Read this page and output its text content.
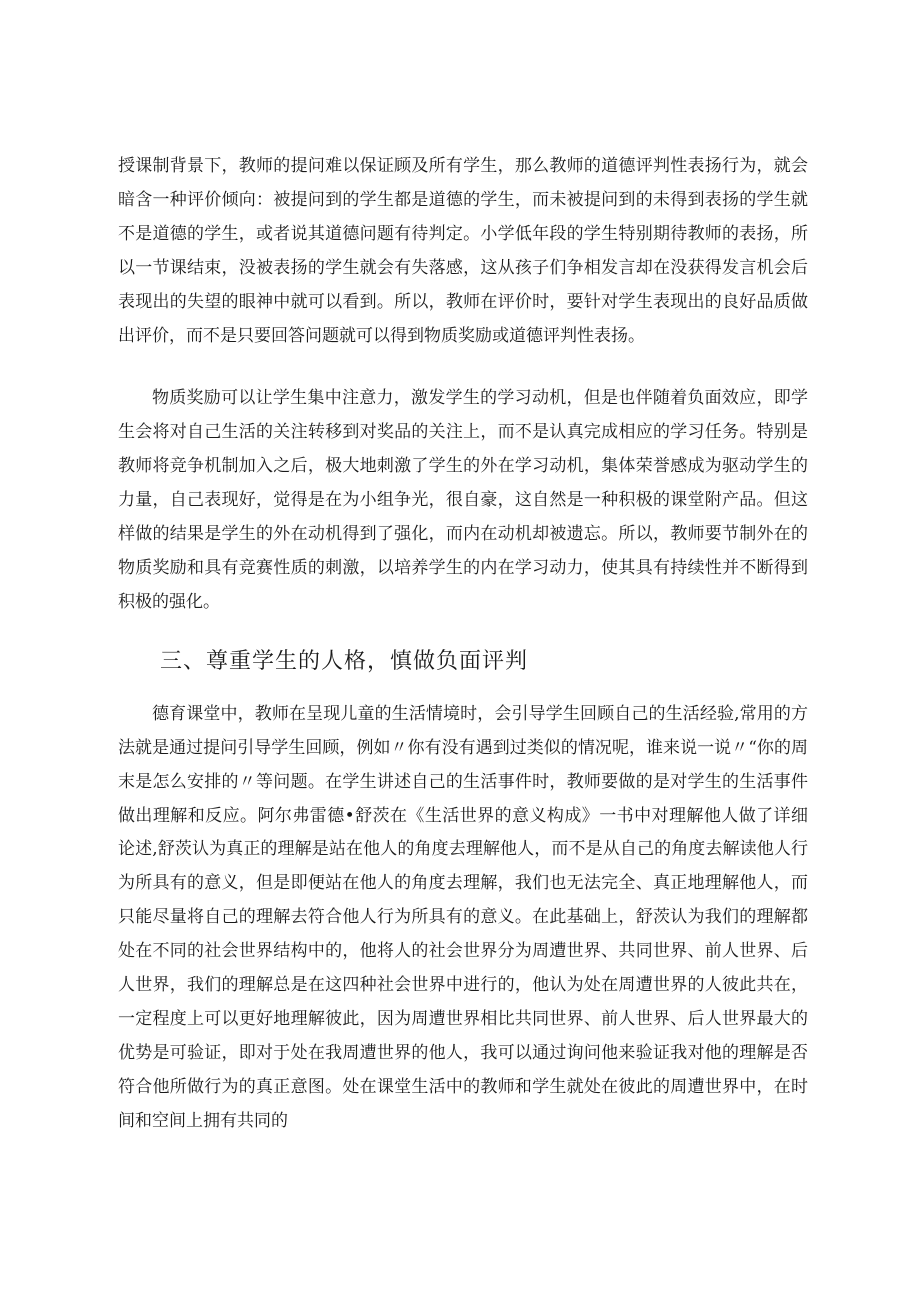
授课制背景下，教师的提问难以保证顾及所有学生，那么教师的道德评判性表扬行为，就会暗含一种评价倾向：被提问到的学生都是道德的学生，而未被提问到的未得到表扬的学生就不是道德的学生，或者说其道德问题有待判定。小学低年段的学生特别期待教师的表扬，所以一节课结束，没被表扬的学生就会有失落感，这从孩子们争相发言却在没获得发言机会后表现出的失望的眼神中就可以看到。所以，教师在评价时，要针对学生表现出的良好品质做出评价，而不是只要回答问题就可以得到物质奖励或道德评判性表扬。

物质奖励可以让学生集中注意力，激发学生的学习动机，但是也伴随着负面效应，即学生会将对自己生活的关注转移到对奖品的关注上，而不是认真完成相应的学习任务。特别是教师将竞争机制加入之后，极大地刺激了学生的外在学习动机，集体荣誉感成为驱动学生的力量，自己表现好，觉得是在为小组争光，很自豪，这自然是一种积极的课堂附产品。但这样做的结果是学生的外在动机得到了强化，而内在动机却被遗忘。所以，教师要节制外在的物质奖励和具有竞赛性质的刺激，以培养学生的内在学习动力，使其具有持续性并不断得到积极的强化。

三、尊重学生的人格，慎做负面评判

德育课堂中，教师在呈现儿童的生活情境时，会引导学生回顾自己的生活经验,常用的方法就是通过提问引导学生回顾，例如〃你有没有遇到过类似的情况呢，谁来说一说〃“你的周末是怎么安排的〃等问题。在学生讲述自己的生活事件时，教师要做的是对学生的生活事件做出理解和反应。阿尔弗雷德•舒茨在《生活世界的意义构成》一书中对理解他人做了详细论述,舒茨认为真正的理解是站在他人的角度去理解他人，而不是从自己的角度去解读他人行为所具有的意义，但是即便站在他人的角度去理解，我们也无法完全、真正地理解他人，而只能尽量将自己的理解去符合他人行为所具有的意义。在此基础上，舒茨认为我们的理解都处在不同的社会世界结构中的，他将人的社会世界分为周遭世界、共同世界、前人世界、后人世界，我们的理解总是在这四种社会世界中进行的，他认为处在周遭世界的人彼此共在，一定程度上可以更好地理解彼此，因为周遭世界相比共同世界、前人世界、后人世界最大的优势是可验证，即对于处在我周遭世界的他人，我可以通过询问他来验证我对他的理解是否符合他所做行为的真正意图。处在课堂生活中的教师和学生就处在彼此的周遭世界中，在时间和空间上拥有共同的
